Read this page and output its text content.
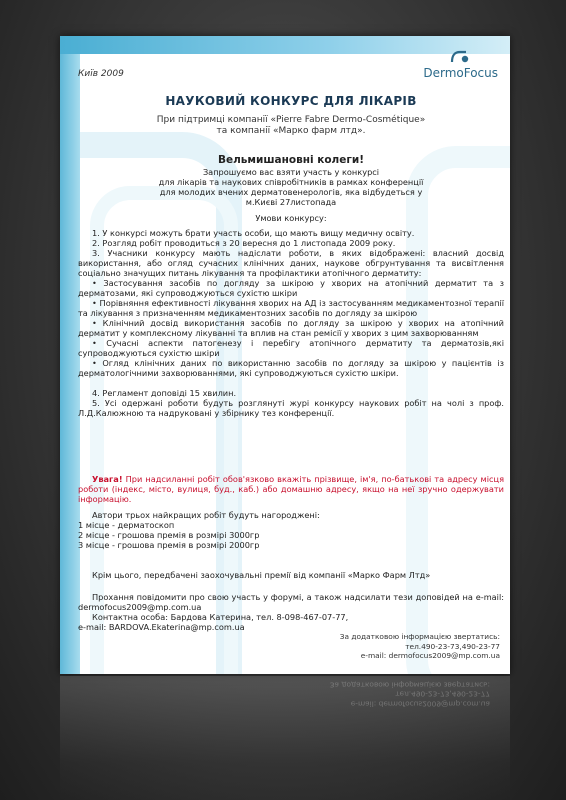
Київ 2009	DermoFocus
НАУКОВИЙ КОНКУРС ДЛЯ ЛІКАРІВ
При підтримці компанії «Pierre Fabre Dermo-Cosmétique»
та компанії «Марко фарм лтд».
Вельмишановні колеги!
Запрошуємо вас взяти участь у конкурсі
для лікарів та наукових співробітників в рамках конференції
для молодих вчених дерматовенерологів, яка відбудеться у
м.Києві 27листопада
Умови конкурсу:
1. У конкурсі можуть брати участь особи, що мають вищу медичну освіту.
2. Розгляд робіт проводиться з 20 вересня до 1 листопада 2009 року.
3. Учасники конкурсу мають надіслати роботи, в яких відображені: власний досвід використання, або огляд сучасних клінічних даних, наукове обгрунтування та висвітлення соціально значущих питань лікування та профілактики атопічного дерматиту:
• Застосування засобів по догляду за шкірою у хворих на атопічний дерматит та з дерматозами, які супроводжуються сухістю шкіри
• Порівняння ефективності лікування хворих на АД із застосуванням медикаментозної терапії та лікування з призначенням медикаментозних засобів по догляду за шкірою
• Клінічний досвід використання засобів по догляду за шкірою у хворих на атопічний дерматит у комплексному лікуванні та вплив на стан ремісії у хворих з цим захворюванням
• Сучасні аспекти патогенезу і перебігу атопічного дерматиту та дерматозів,які супроводжуються сухістю шкіри
• Огляд клінічних даних по використанню засобів по догляду за шкірою у пацієнтів із дерматологічними захворюваннями, які супроводжуються сухістю шкіри.
4. Регламент доповіді 15 хвилин.
5. Усі одержані роботи будуть розглянуті журі конкурсу наукових робіт на чолі з проф. Л.Д.Калюжною та надруковані у збірнику тез конференції.
Увага! При надсиланні робіт обов'язково вкажіть прізвище, ім'я, по-батькові та адресу місця роботи (індекс, місто, вулиця, буд., каб.) або домашню адресу, якщо на неї зручно одержувати інформацію.
Автори трьох найкращих робіт будуть нагороджені:
1 місце - дерматоскоп
2 місце - грошова премія в розмірі 3000гр
3 місце - грошова премія в розмірі 2000гр
Крім цього, передбачені заохочувальні премії від компанії «Марко Фарм Лтд»
Прохання повідомити про свою участь у форумі, а також надсилати тези доповідей на e-mail: dermofocus2009@mp.com.ua
Контактна особа: Бардова Катерина, тел. 8-098-467-07-77,
e-mail: BARDOVA.Ekaterina@mp.com.ua
За додатковою інформацією звертатись:
тел.490-23-73,490-23-77
e-mail: dermofocus2009@mp.com.ua
e-mail: dermofocus2009@mp.com.ua
тел.490-23-73,490-23-77
За додатковою інформацією звертатись:
